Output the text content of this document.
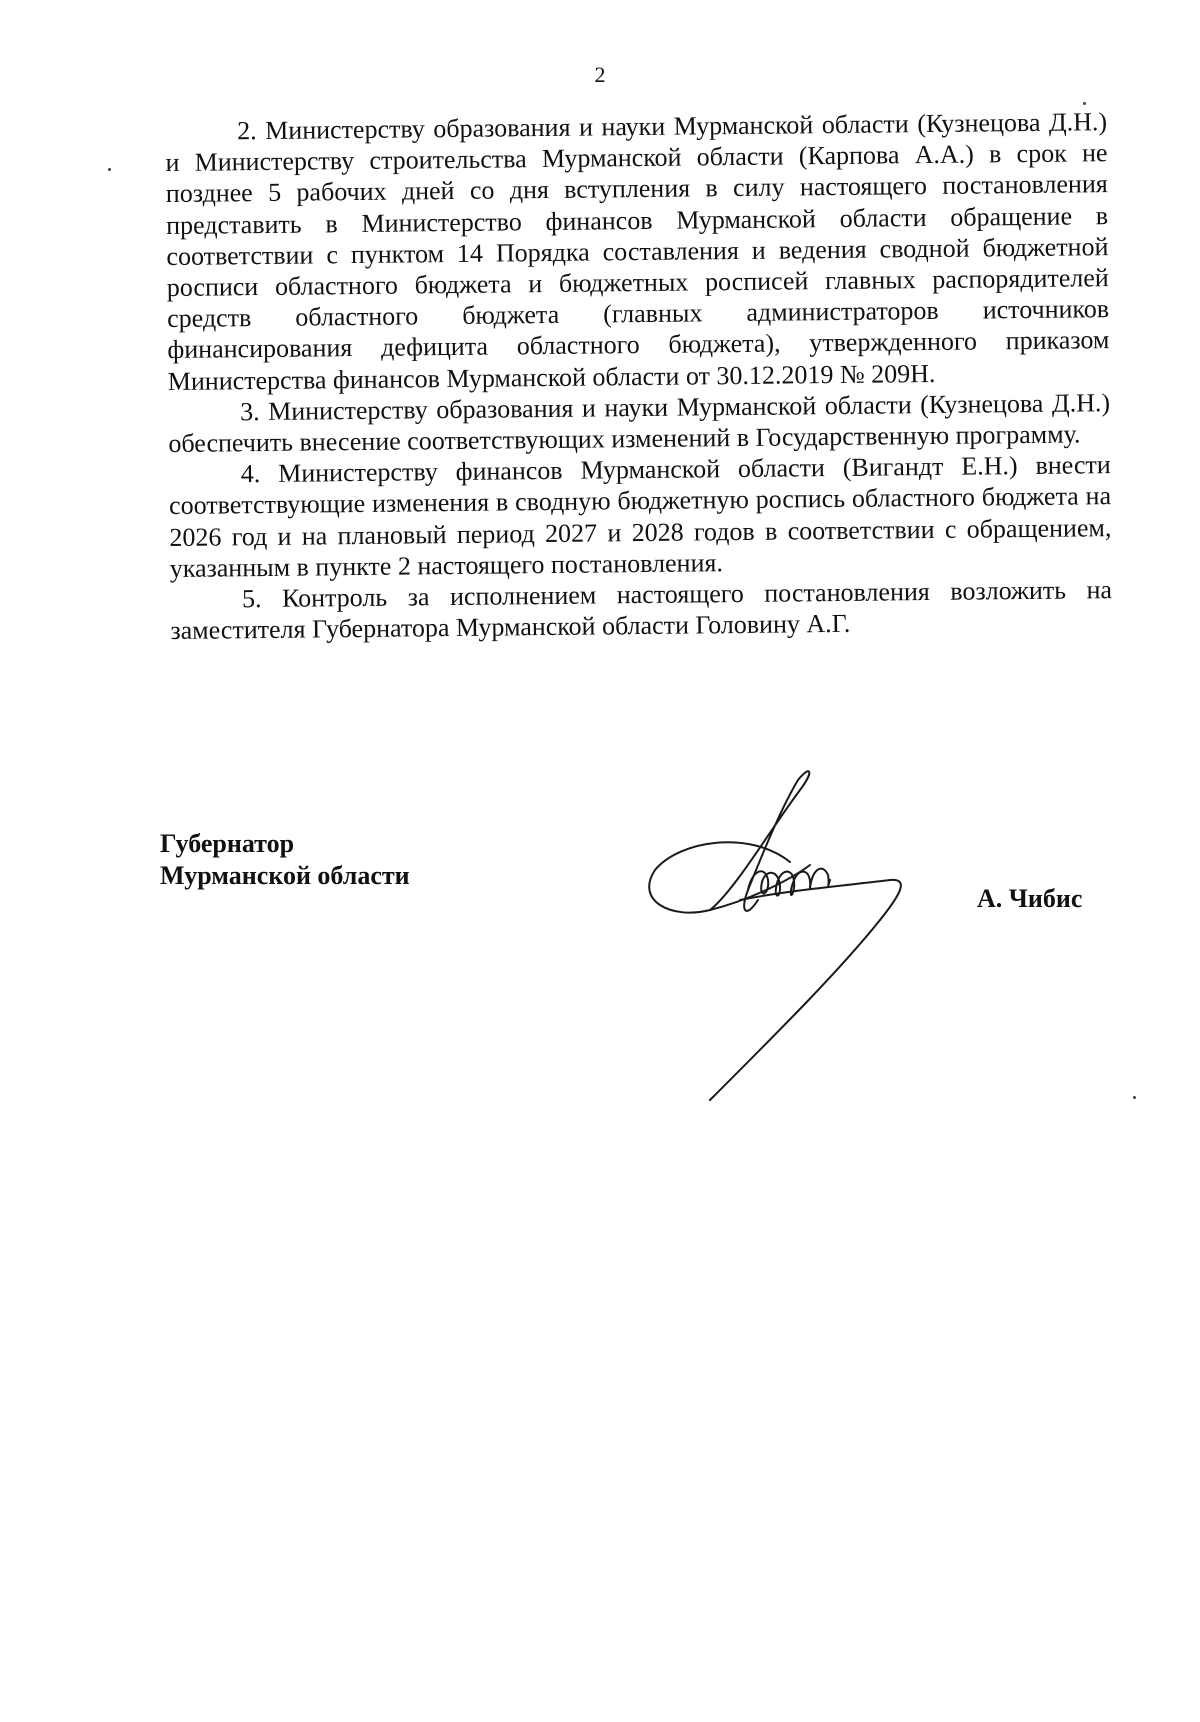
2

2. Министерству образования и науки Мурманской области (Кузнецова Д.Н.) и Министерству строительства Мурманской области (Карпова А.А.) в срок не позднее 5 рабочих дней со дня вступления в силу настоящего постановления представить в Министерство финансов Мурманской области обращение в соответствии с пунктом 14 Порядка составления и ведения сводной бюджетной росписи областного бюджета и бюджетных росписей главных распорядителей средств областного бюджета (главных администраторов источников финансирования дефицита областного бюджета), утвержденного приказом Министерства финансов Мурманской области от 30.12.2019 № 209Н.

3. Министерству образования и науки Мурманской области (Кузнецова Д.Н.) обеспечить внесение соответствующих изменений в Государственную программу.

4. Министерству финансов Мурманской области (Вигандт Е.Н.) внести соответствующие изменения в сводную бюджетную роспись областного бюджета на 2026 год и на плановый период 2027 и 2028 годов в соответствии с обращением, указанным в пункте 2 настоящего постановления.

5. Контроль за исполнением настоящего постановления возложить на заместителя Губернатора Мурманской области Головину А.Г.

Губернатор
Мурманской области
А. Чибис
